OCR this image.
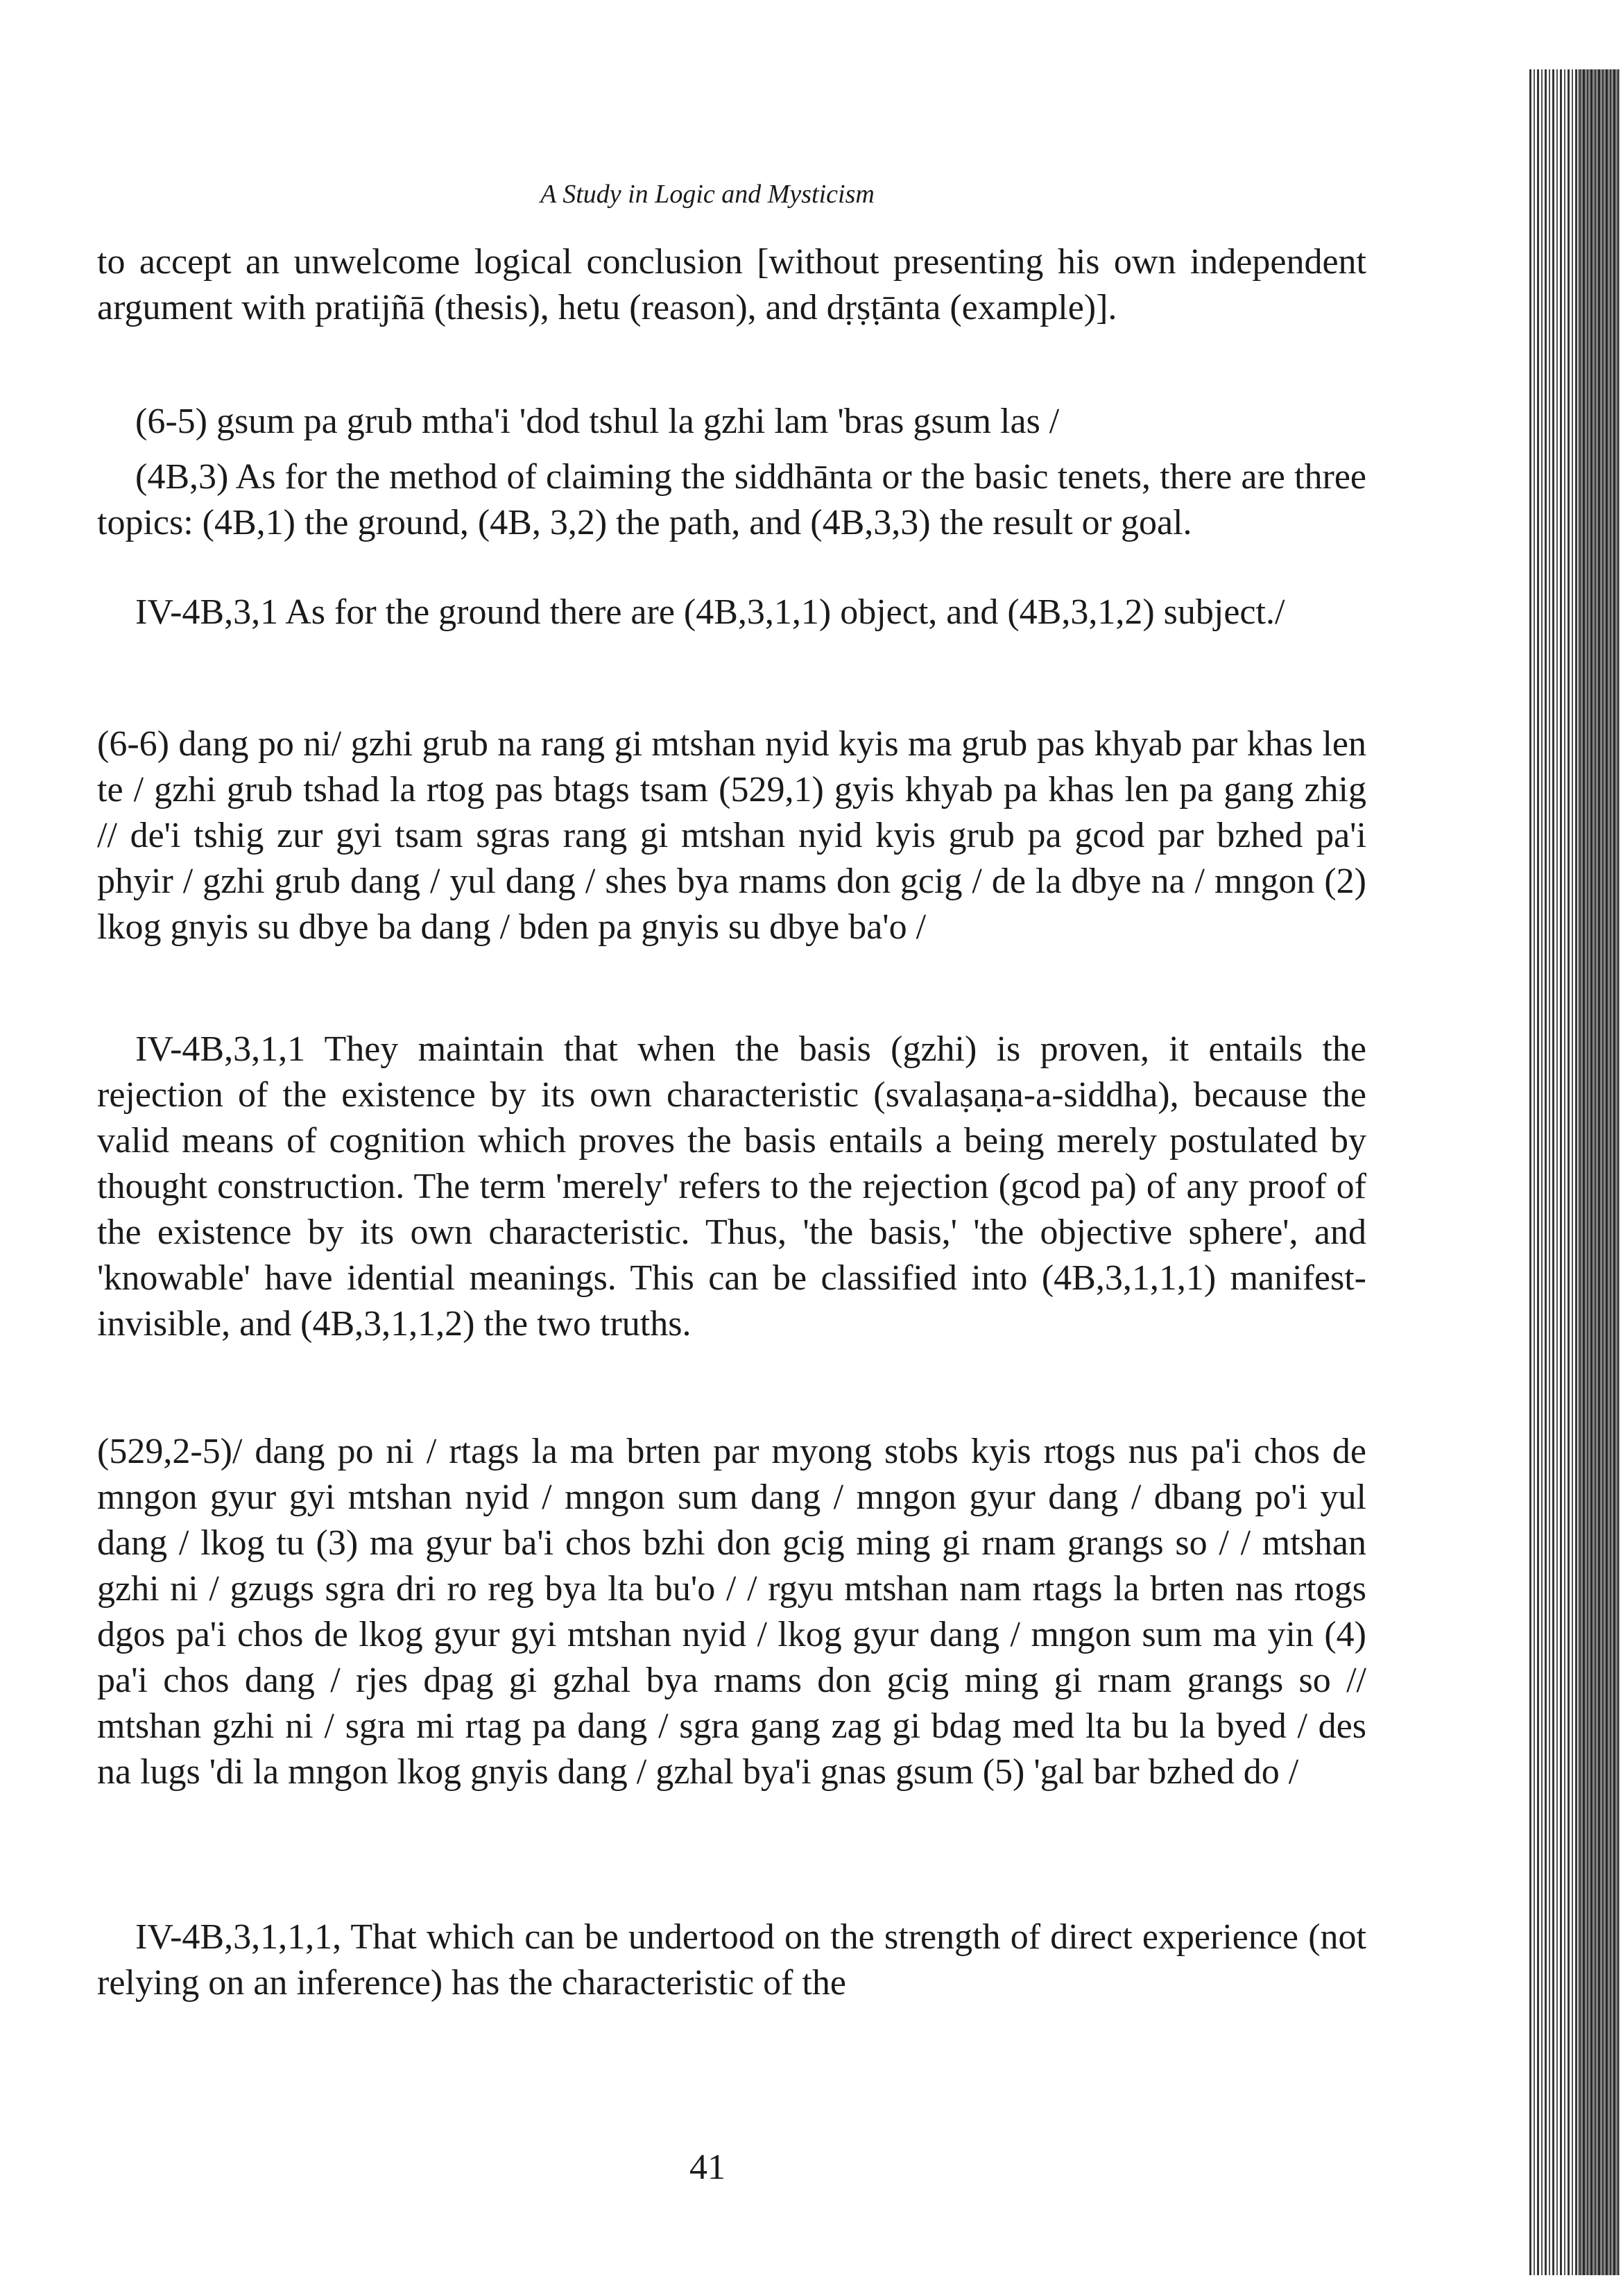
A Study in Logic and Mysticism

to accept an unwelcome logical conclusion [without presenting his own independent argument with pratijñā (thesis), hetu (reason), and dṛṣṭānta (example)].

(6-5) gsum pa grub mtha'i 'dod tshul la gzhi lam 'bras gsum las /

(4B,3) As for the method of claiming the siddhānta or the basic tenets, there are three topics: (4B,1) the ground, (4B, 3,2) the path, and (4B,3,3) the result or goal.

IV-4B,3,1 As for the ground there are (4B,3,1,1) object, and (4B,3,1,2) subject./

(6-6) dang po ni/ gzhi grub na rang gi mtshan nyid kyis ma grub pas khyab par khas len te / gzhi grub tshad la rtog pas btags tsam (529,1) gyis khyab pa khas len pa gang zhig // de'i tshig zur gyi tsam sgras rang gi mtshan nyid kyis grub pa gcod par bzhed pa'i phyir / gzhi grub dang / yul dang / shes bya rnams don gcig / de la dbye na / mngon (2) lkog gnyis su dbye ba dang / bden pa gnyis su dbye ba'o /

IV-4B,3,1,1 They maintain that when the basis (gzhi) is proven, it entails the rejection of the existence by its own characteristic (svalaṣaṇa-a-siddha), because the valid means of cognition which proves the basis entails a being merely postulated by thought construction. The term 'merely' refers to the rejection (gcod pa) of any proof of the existence by its own characteristic. Thus, 'the basis,' 'the objective sphere', and 'knowable' have idential meanings. This can be classified into (4B,3,1,1,1) manifest-invisible, and (4B,3,1,1,2) the two truths.

(529,2-5)/ dang po ni / rtags la ma brten par myong stobs kyis rtogs nus pa'i chos de mngon gyur gyi mtshan nyid / mngon sum dang / mngon gyur dang / dbang po'i yul dang / lkog tu (3) ma gyur ba'i chos bzhi don gcig ming gi rnam grangs so / / mtshan gzhi ni / gzugs sgra dri ro reg bya lta bu'o / / rgyu mtshan nam rtags la brten nas rtogs dgos pa'i chos de lkog gyur gyi mtshan nyid / lkog gyur dang / mngon sum ma yin (4) pa'i chos dang / rjes dpag gi gzhal bya rnams don gcig ming gi rnam grangs so // mtshan gzhi ni / sgra mi rtag pa dang / sgra gang zag gi bdag med lta bu la byed / des na lugs 'di la mngon lkog gnyis dang / gzhal bya'i gnas gsum (5) 'gal bar bzhed do /

IV-4B,3,1,1,1, That which can be undertood on the strength of direct experience (not relying on an inference) has the characteristic of the

41
